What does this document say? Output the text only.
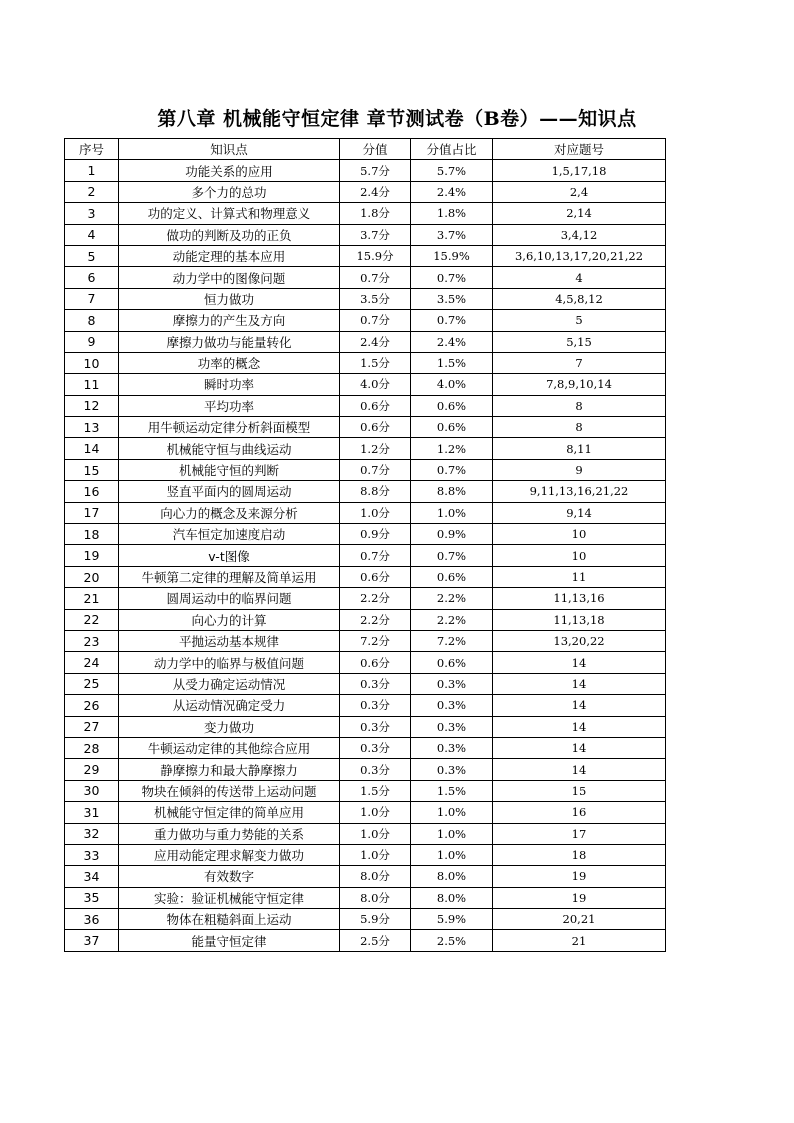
第八章 机械能守恒定律 章节测试卷（B卷）——知识点
序号	知识点	分值	分值占比	对应题号
1	功能关系的应用	5.7分	5.7%	1,5,17,18
2	多个力的总功	2.4分	2.4%	2,4
3	功的定义、计算式和物理意义	1.8分	1.8%	2,14
4	做功的判断及功的正负	3.7分	3.7%	3,4,12
5	动能定理的基本应用	15.9分	15.9%	3,6,10,13,17,20,21,22
6	动力学中的图像问题	0.7分	0.7%	4
7	恒力做功	3.5分	3.5%	4,5,8,12
8	摩擦力的产生及方向	0.7分	0.7%	5
9	摩擦力做功与能量转化	2.4分	2.4%	5,15
10	功率的概念	1.5分	1.5%	7
11	瞬时功率	4.0分	4.0%	7,8,9,10,14
12	平均功率	0.6分	0.6%	8
13	用牛顿运动定律分析斜面模型	0.6分	0.6%	8
14	机械能守恒与曲线运动	1.2分	1.2%	8,11
15	机械能守恒的判断	0.7分	0.7%	9
16	竖直平面内的圆周运动	8.8分	8.8%	9,11,13,16,21,22
17	向心力的概念及来源分析	1.0分	1.0%	9,14
18	汽车恒定加速度启动	0.9分	0.9%	10
19	v-t图像	0.7分	0.7%	10
20	牛顿第二定律的理解及简单运用	0.6分	0.6%	11
21	圆周运动中的临界问题	2.2分	2.2%	11,13,16
22	向心力的计算	2.2分	2.2%	11,13,18
23	平抛运动基本规律	7.2分	7.2%	13,20,22
24	动力学中的临界与极值问题	0.6分	0.6%	14
25	从受力确定运动情况	0.3分	0.3%	14
26	从运动情况确定受力	0.3分	0.3%	14
27	变力做功	0.3分	0.3%	14
28	牛顿运动定律的其他综合应用	0.3分	0.3%	14
29	静摩擦力和最大静摩擦力	0.3分	0.3%	14
30	物块在倾斜的传送带上运动问题	1.5分	1.5%	15
31	机械能守恒定律的简单应用	1.0分	1.0%	16
32	重力做功与重力势能的关系	1.0分	1.0%	17
33	应用动能定理求解变力做功	1.0分	1.0%	18
34	有效数字	8.0分	8.0%	19
35	实验：验证机械能守恒定律	8.0分	8.0%	19
36	物体在粗糙斜面上运动	5.9分	5.9%	20,21
37	能量守恒定律	2.5分	2.5%	21
